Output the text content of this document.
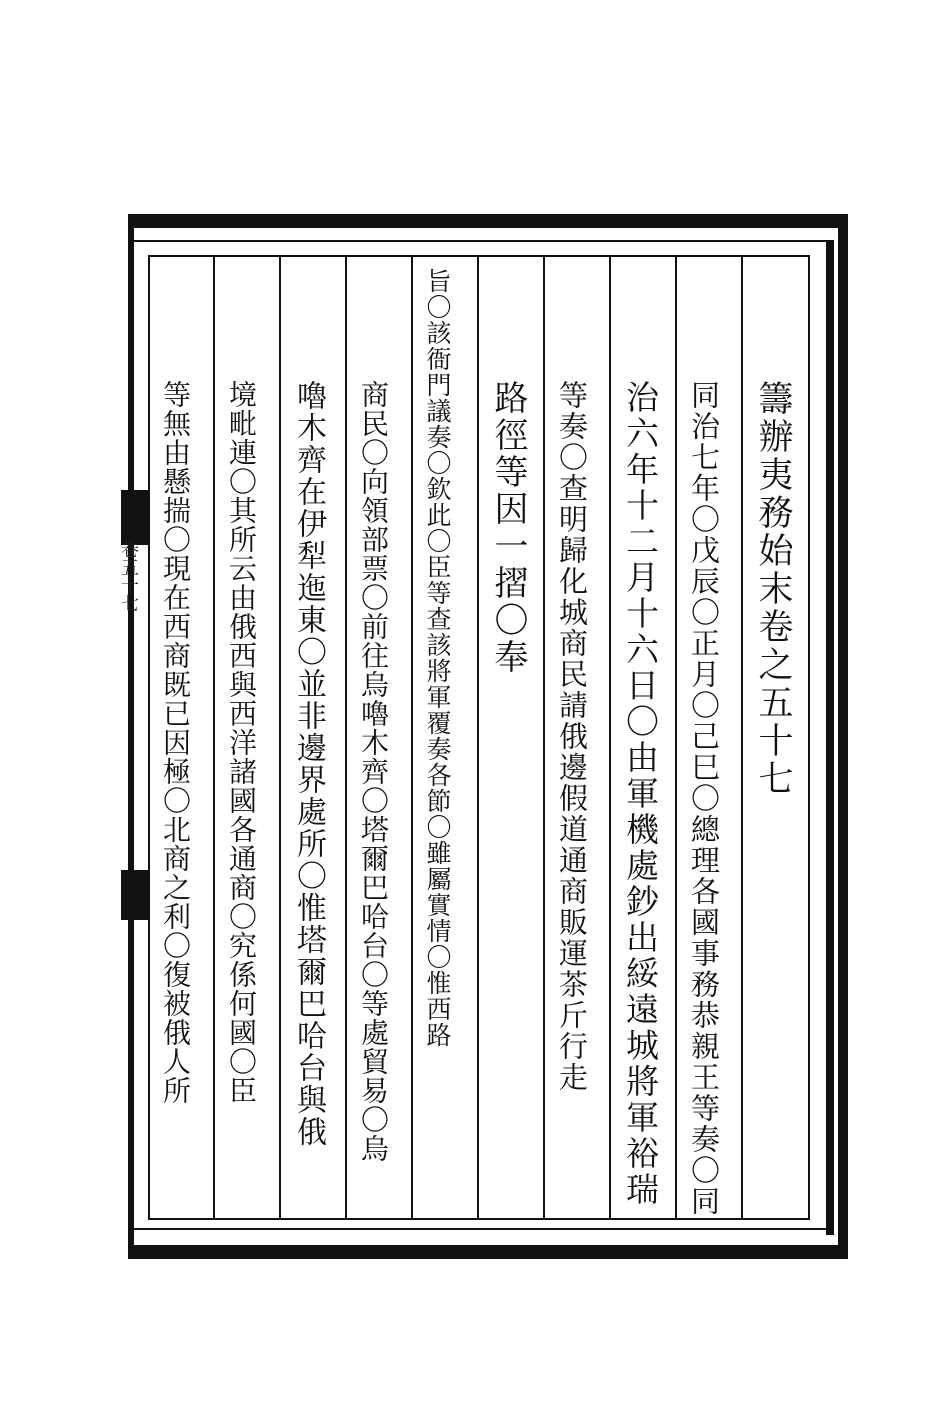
卷五十七	籌辦夷務始末卷之五十七
同治七年〇戊辰〇正月〇己巳〇總理各國事務恭親王等奏〇同
治六年十二月十六日〇由軍機處鈔出綏遠城將軍裕瑞
等奏〇查明歸化城商民請俄邊假道通商販運茶斤行走
路徑等因一摺〇奉
旨〇該衙門議奏〇欽此〇臣等查該將軍覆奏各節〇雖屬實情〇惟西路
商民〇向領部票〇前往烏嚕木齊〇塔爾巴哈台〇等處貿易〇烏
嚕木齊在伊犁迤東〇並非邊界處所〇惟塔爾巴哈台與俄
境毗連〇其所云由俄西與西洋諸國各通商〇究係何國〇臣
等無由懸揣〇現在西商既已因極〇北商之利〇復被俄人所
